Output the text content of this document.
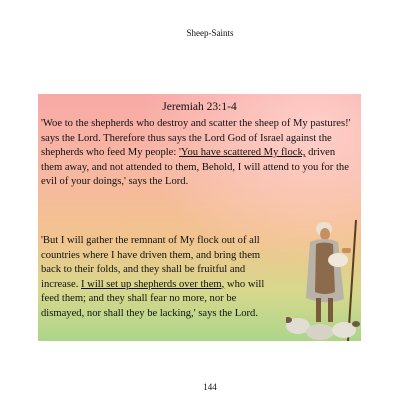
Sheep-Saints
Jeremiah 23:1-4

'Woe to the shepherds who destroy and scatter the sheep of My pastures!' says the Lord. Therefore thus says the Lord God of Israel against the shepherds who feed My people: 'You have scattered My flock, driven them away, and not attended to them, Behold, I will attend to you for the evil of your doings,' says the Lord.

'But I will gather the remnant of My flock out of all countries where I have driven them, and bring them back to their folds, and they shall be fruitful and increase. I will set up shepherds over them, who will feed them; and they shall fear no more, nor be dismayed, nor shall they be lacking,' says the Lord.

144
